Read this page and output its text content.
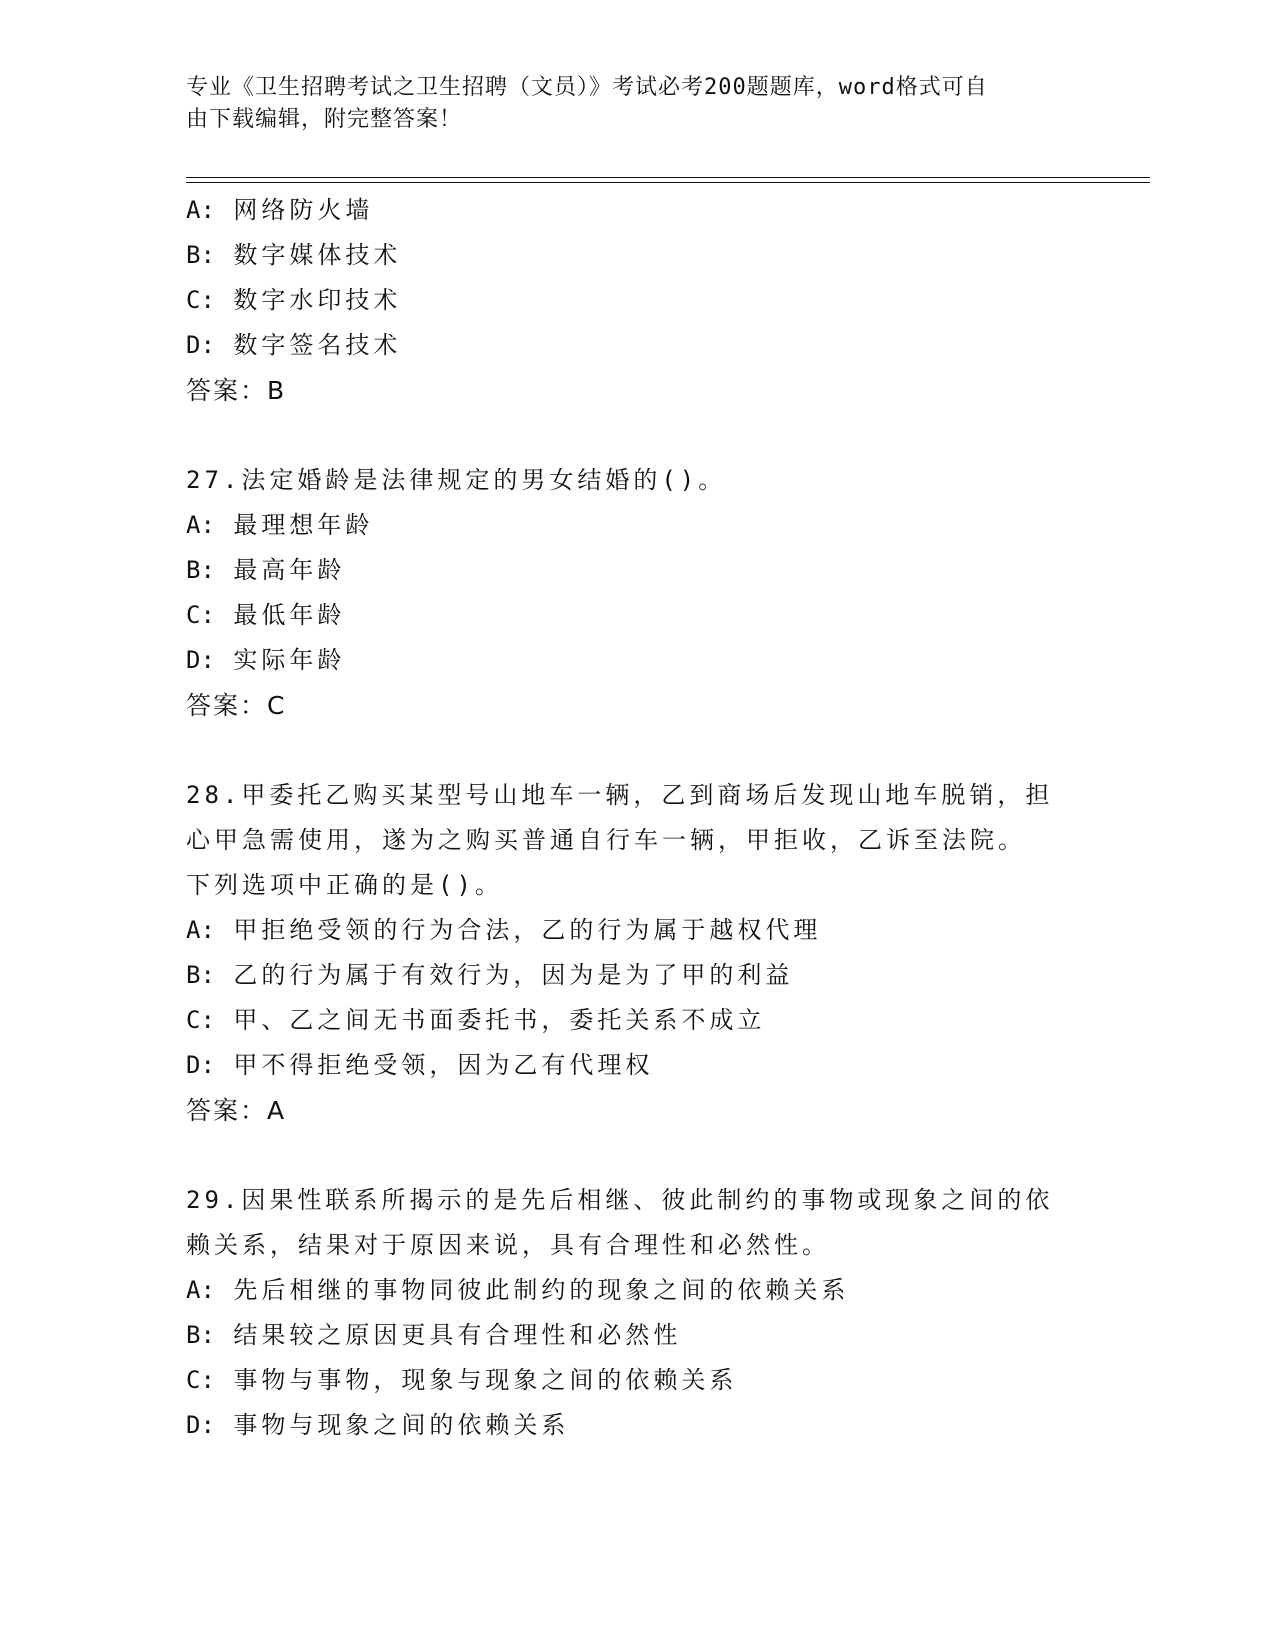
专业《卫生招聘考试之卫生招聘（文员）》考试必考200题题库，word格式可自
由下载编辑，附完整答案！
A: 网络防火墙
B: 数字媒体技术
C: 数字水印技术
D: 数字签名技术
答案：B
27.法定婚龄是法律规定的男女结婚的()。
A: 最理想年龄
B: 最高年龄
C: 最低年龄
D: 实际年龄
答案：C
28.甲委托乙购买某型号山地车一辆，乙到商场后发现山地车脱销，担
心甲急需使用，遂为之购买普通自行车一辆，甲拒收，乙诉至法院。
下列选项中正确的是()。
A: 甲拒绝受领的行为合法，乙的行为属于越权代理
B: 乙的行为属于有效行为，因为是为了甲的利益
C: 甲、乙之间无书面委托书，委托关系不成立
D: 甲不得拒绝受领，因为乙有代理权
答案：A
29.因果性联系所揭示的是先后相继、彼此制约的事物或现象之间的依
赖关系，结果对于原因来说，具有合理性和必然性。
A: 先后相继的事物同彼此制约的现象之间的依赖关系
B: 结果较之原因更具有合理性和必然性
C: 事物与事物，现象与现象之间的依赖关系
D: 事物与现象之间的依赖关系
